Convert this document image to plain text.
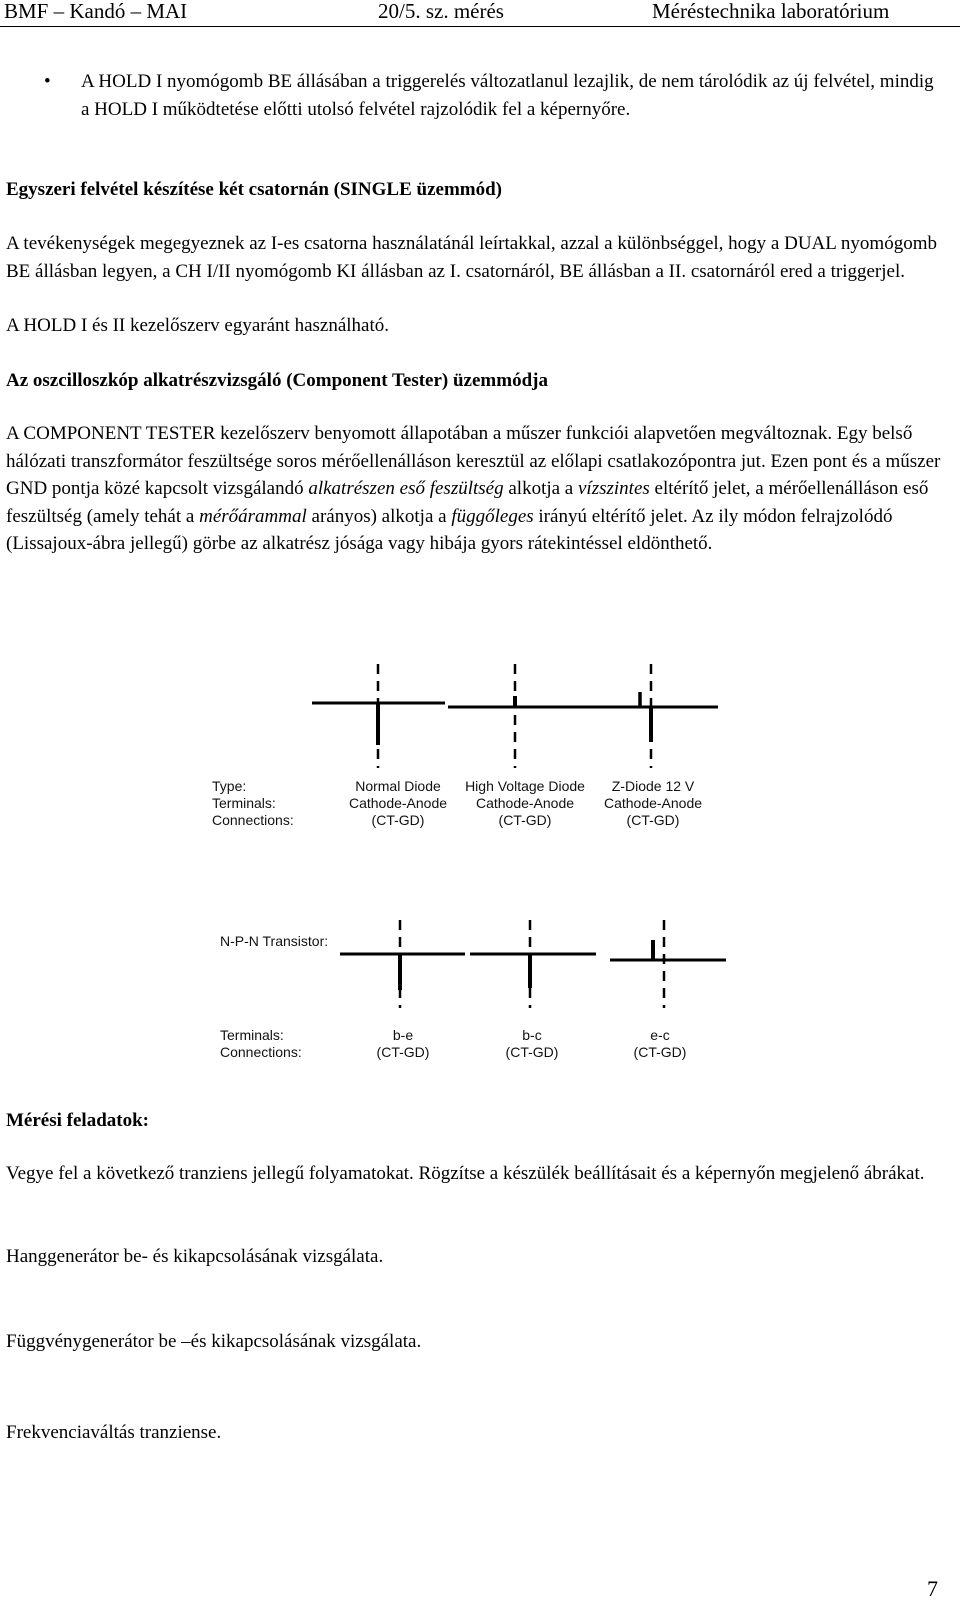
BMF – Kandó – MAI	20/5. sz. mérés	Méréstechnika laboratórium
• A HOLD I nyomógomb BE állásában a triggerelés változatlanul lezajlik, de nem tárolódik az új felvétel, mindig a HOLD I működtetése előtti utolsó felvétel rajzolódik fel a képernyőre.
Egyszeri felvétel készítése két csatornán (SINGLE üzemmód)
A tevékenységek megegyeznek az I-es csatorna használatánál leírtakkal, azzal a különbséggel, hogy a DUAL nyomógomb BE állásban legyen, a CH I/II nyomógomb KI állásban az I. csatornáról, BE állásban a II. csatornáról ered a triggerjel.
A HOLD I és II kezelőszerv egyaránt használható.
Az oszcilloszkóp alkatrészvizsgáló (Component Tester) üzemmódja
A COMPONENT TESTER kezelőszerv benyomott állapotában a műszer funkciói alapvetően megváltoznak. Egy belső hálózati transzformátor feszültsége soros mérőellenálláson keresztül az előlapi csatlakozópontra jut. Ezen pont és a műszer GND pontja közé kapcsolt vizsgálandó alkatrészen eső feszültség alkotja a vízszintes eltérítő jelet, a mérőellenálláson eső feszültség (amely tehát a mérőárammal arányos) alkotja a függőleges irányú eltérítő jelet. Az ily módon felrajzolódó (Lissajoux-ábra jellegű) görbe az alkatrész jósága vagy hibája gyors rátekintéssel eldönthető.
Type:
Terminals:
Connections:
Normal Diode
Cathode-Anode
(CT-GD)
High Voltage Diode
Cathode-Anode
(CT-GD)
Z-Diode 12 V
Cathode-Anode
(CT-GD)
N-P-N Transistor:
Terminals:
Connections:
b-e
(CT-GD)
b-c
(CT-GD)
e-c
(CT-GD)
Mérési feladatok:
Vegye fel a következő tranziens jellegű folyamatokat. Rögzítse a készülék beállításait és a képernyőn megjelenő ábrákat.
Hanggenerátor be- és kikapcsolásának vizsgálata.
Függvénygenerátor be –és kikapcsolásának vizsgálata.
Frekvenciaváltás tranziense.
7
